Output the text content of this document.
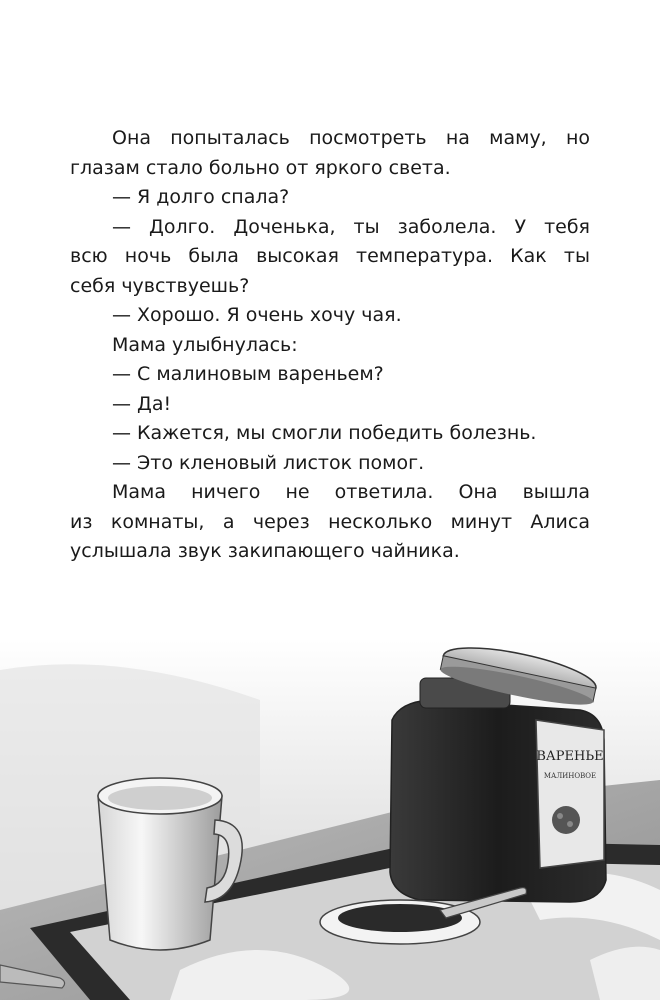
Она попыталась посмотреть на маму, но
глазам стало больно от яркого света.
— Я долго спала?
— Долго. Доченька, ты заболела. У тебя
всю ночь была высокая температура. Как ты
себя чувствуешь?
— Хорошо. Я очень хочу чая.
Мама улыбнулась:
— С малиновым вареньем?
— Да!
— Кажется, мы смогли победить болезнь.
— Это кленовый листок помог.
Мама ничего не ответила. Она вышла
из комнаты, а через несколько минут Алиса
услышала звук закипающего чайника.
ВАРЕНЬЕ
МАЛИНОВОЕ
